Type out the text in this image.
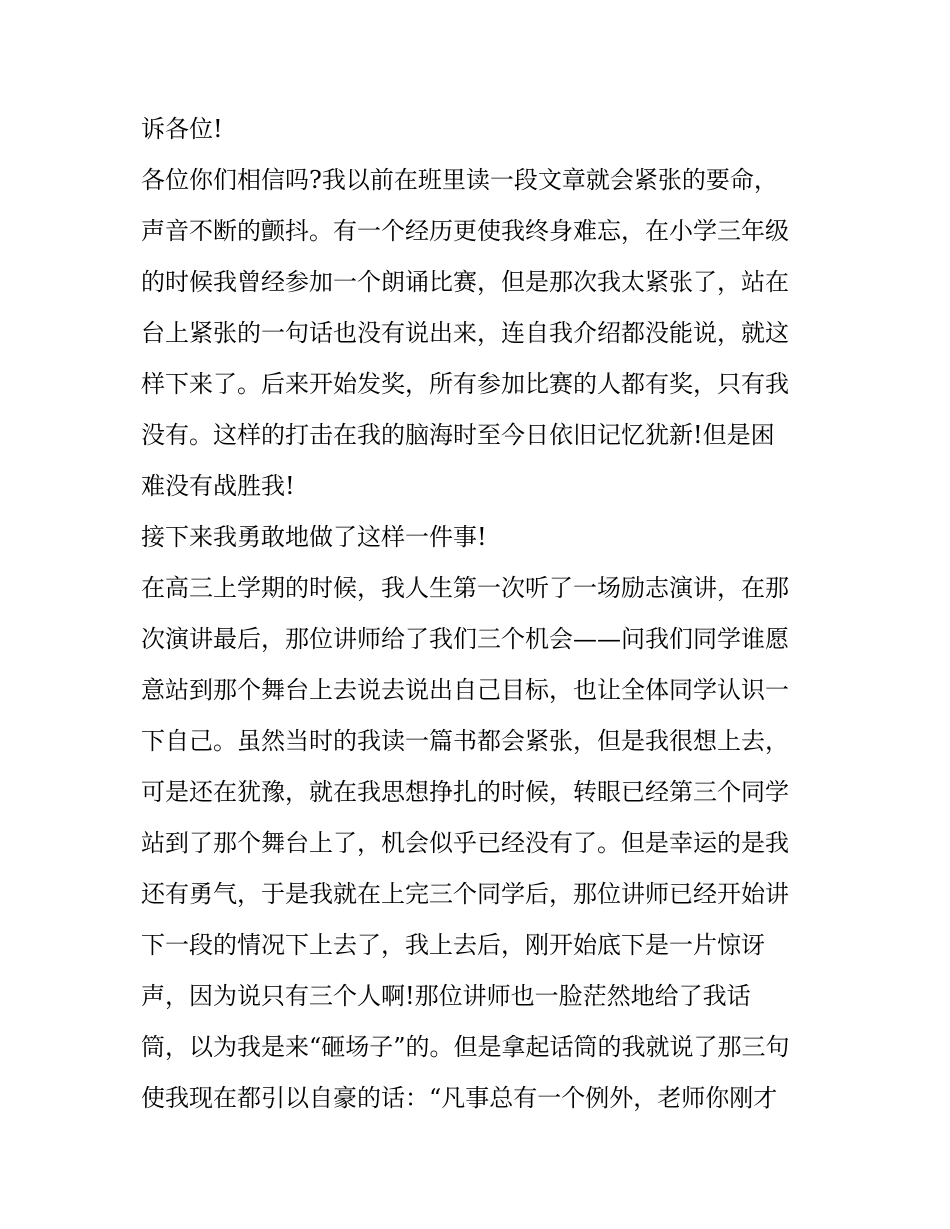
诉各位!
各位你们相信吗?我以前在班里读一段文章就会紧张的要命，
声音不断的颤抖。有一个经历更使我终身难忘，在小学三年级
的时候我曾经参加一个朗诵比赛，但是那次我太紧张了，站在
台上紧张的一句话也没有说出来，连自我介绍都没能说，就这
样下来了。后来开始发奖，所有参加比赛的人都有奖，只有我
没有。这样的打击在我的脑海时至今日依旧记忆犹新!但是困
难没有战胜我!
接下来我勇敢地做了这样一件事!
在高三上学期的时候，我人生第一次听了一场励志演讲，在那
次演讲最后，那位讲师给了我们三个机会——问我们同学谁愿
意站到那个舞台上去说去说出自己目标，也让全体同学认识一
下自己。虽然当时的我读一篇书都会紧张，但是我很想上去，
可是还在犹豫，就在我思想挣扎的时候，转眼已经第三个同学
站到了那个舞台上了，机会似乎已经没有了。但是幸运的是我
还有勇气，于是我就在上完三个同学后，那位讲师已经开始讲
下一段的情况下上去了，我上去后，刚开始底下是一片惊讶
声，因为说只有三个人啊!那位讲师也一脸茫然地给了我话
筒，以为我是来“砸场子”的。但是拿起话筒的我就说了那三句
使我现在都引以自豪的话：“凡事总有一个例外，老师你刚才
